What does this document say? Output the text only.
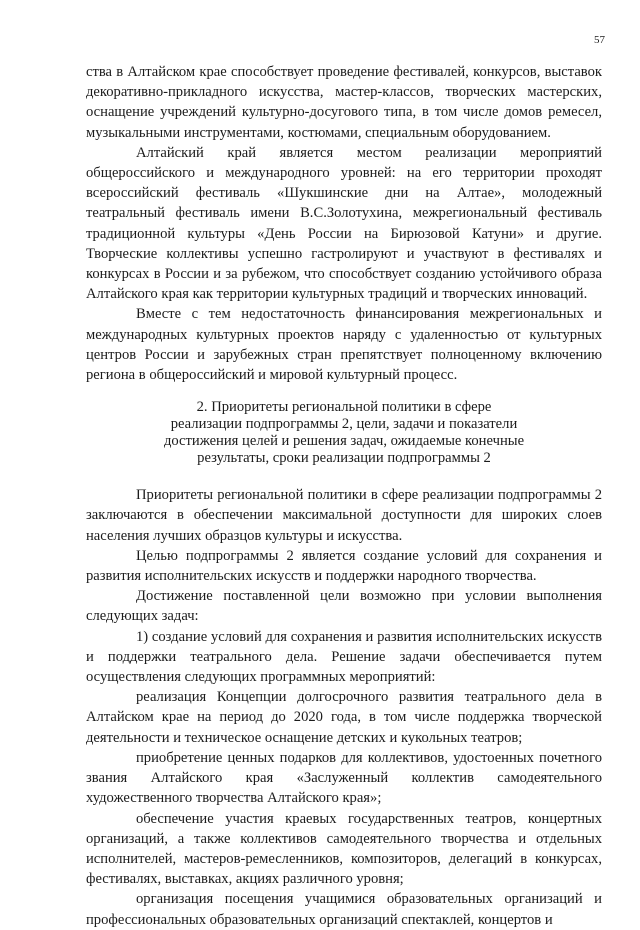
57

ства в Алтайском крае способствует проведение фестивалей, конкурсов, выставок декоративно-прикладного искусства, мастер-классов, творческих мастерских, оснащение учреждений культурно-досугового типа, в том числе домов ремесел, музыкальными инструментами, костюмами, специальным оборудованием.

Алтайский край является местом реализации мероприятий общероссийского и международного уровней: на его территории проходят всероссийский фестиваль «Шукшинские дни на Алтае», молодежный театральный фестиваль имени В.С.Золотухина, межрегиональный фестиваль традиционной культуры «День России на Бирюзовой Катуни» и другие. Творческие коллективы успешно гастролируют и участвуют в фестивалях и конкурсах в России и за рубежом, что способствует созданию устойчивого образа Алтайского края как территории культурных традиций и творческих инноваций.

Вместе с тем недостаточность финансирования межрегиональных и международных культурных проектов наряду с удаленностью от культурных центров России и зарубежных стран препятствует полноценному включению региона в общероссийский и мировой культурный процесс.

2. Приоритеты региональной политики в сфере
реализации подпрограммы 2, цели, задачи и показатели
достижения целей и решения задач, ожидаемые конечные
результаты, сроки реализации подпрограммы 2

Приоритеты региональной политики в сфере реализации подпрограммы 2 заключаются в обеспечении максимальной доступности для широких слоев населения лучших образцов культуры и искусства.

Целью подпрограммы 2 является создание условий для сохранения и развития исполнительских искусств и поддержки народного творчества.

Достижение поставленной цели возможно при условии выполнения следующих задач:

1) создание условий для сохранения и развития исполнительских искусств и поддержки театрального дела. Решение задачи обеспечивается путем осуществления следующих программных мероприятий:

реализация Концепции долгосрочного развития театрального дела в Алтайском крае на период до 2020 года, в том числе поддержка творческой деятельности и техническое оснащение детских и кукольных театров;

приобретение ценных подарков для коллективов, удостоенных почетного звания Алтайского края «Заслуженный коллектив самодеятельного художественного творчества Алтайского края»;

обеспечение участия краевых государственных театров, концертных организаций, а также коллективов самодеятельного творчества и отдельных исполнителей, мастеров-ремесленников, композиторов, делегаций в конкурсах, фестивалях, выставках, акциях различного уровня;

организация посещения учащимися образовательных организаций и профессиональных образовательных организаций спектаклей, концертов и
